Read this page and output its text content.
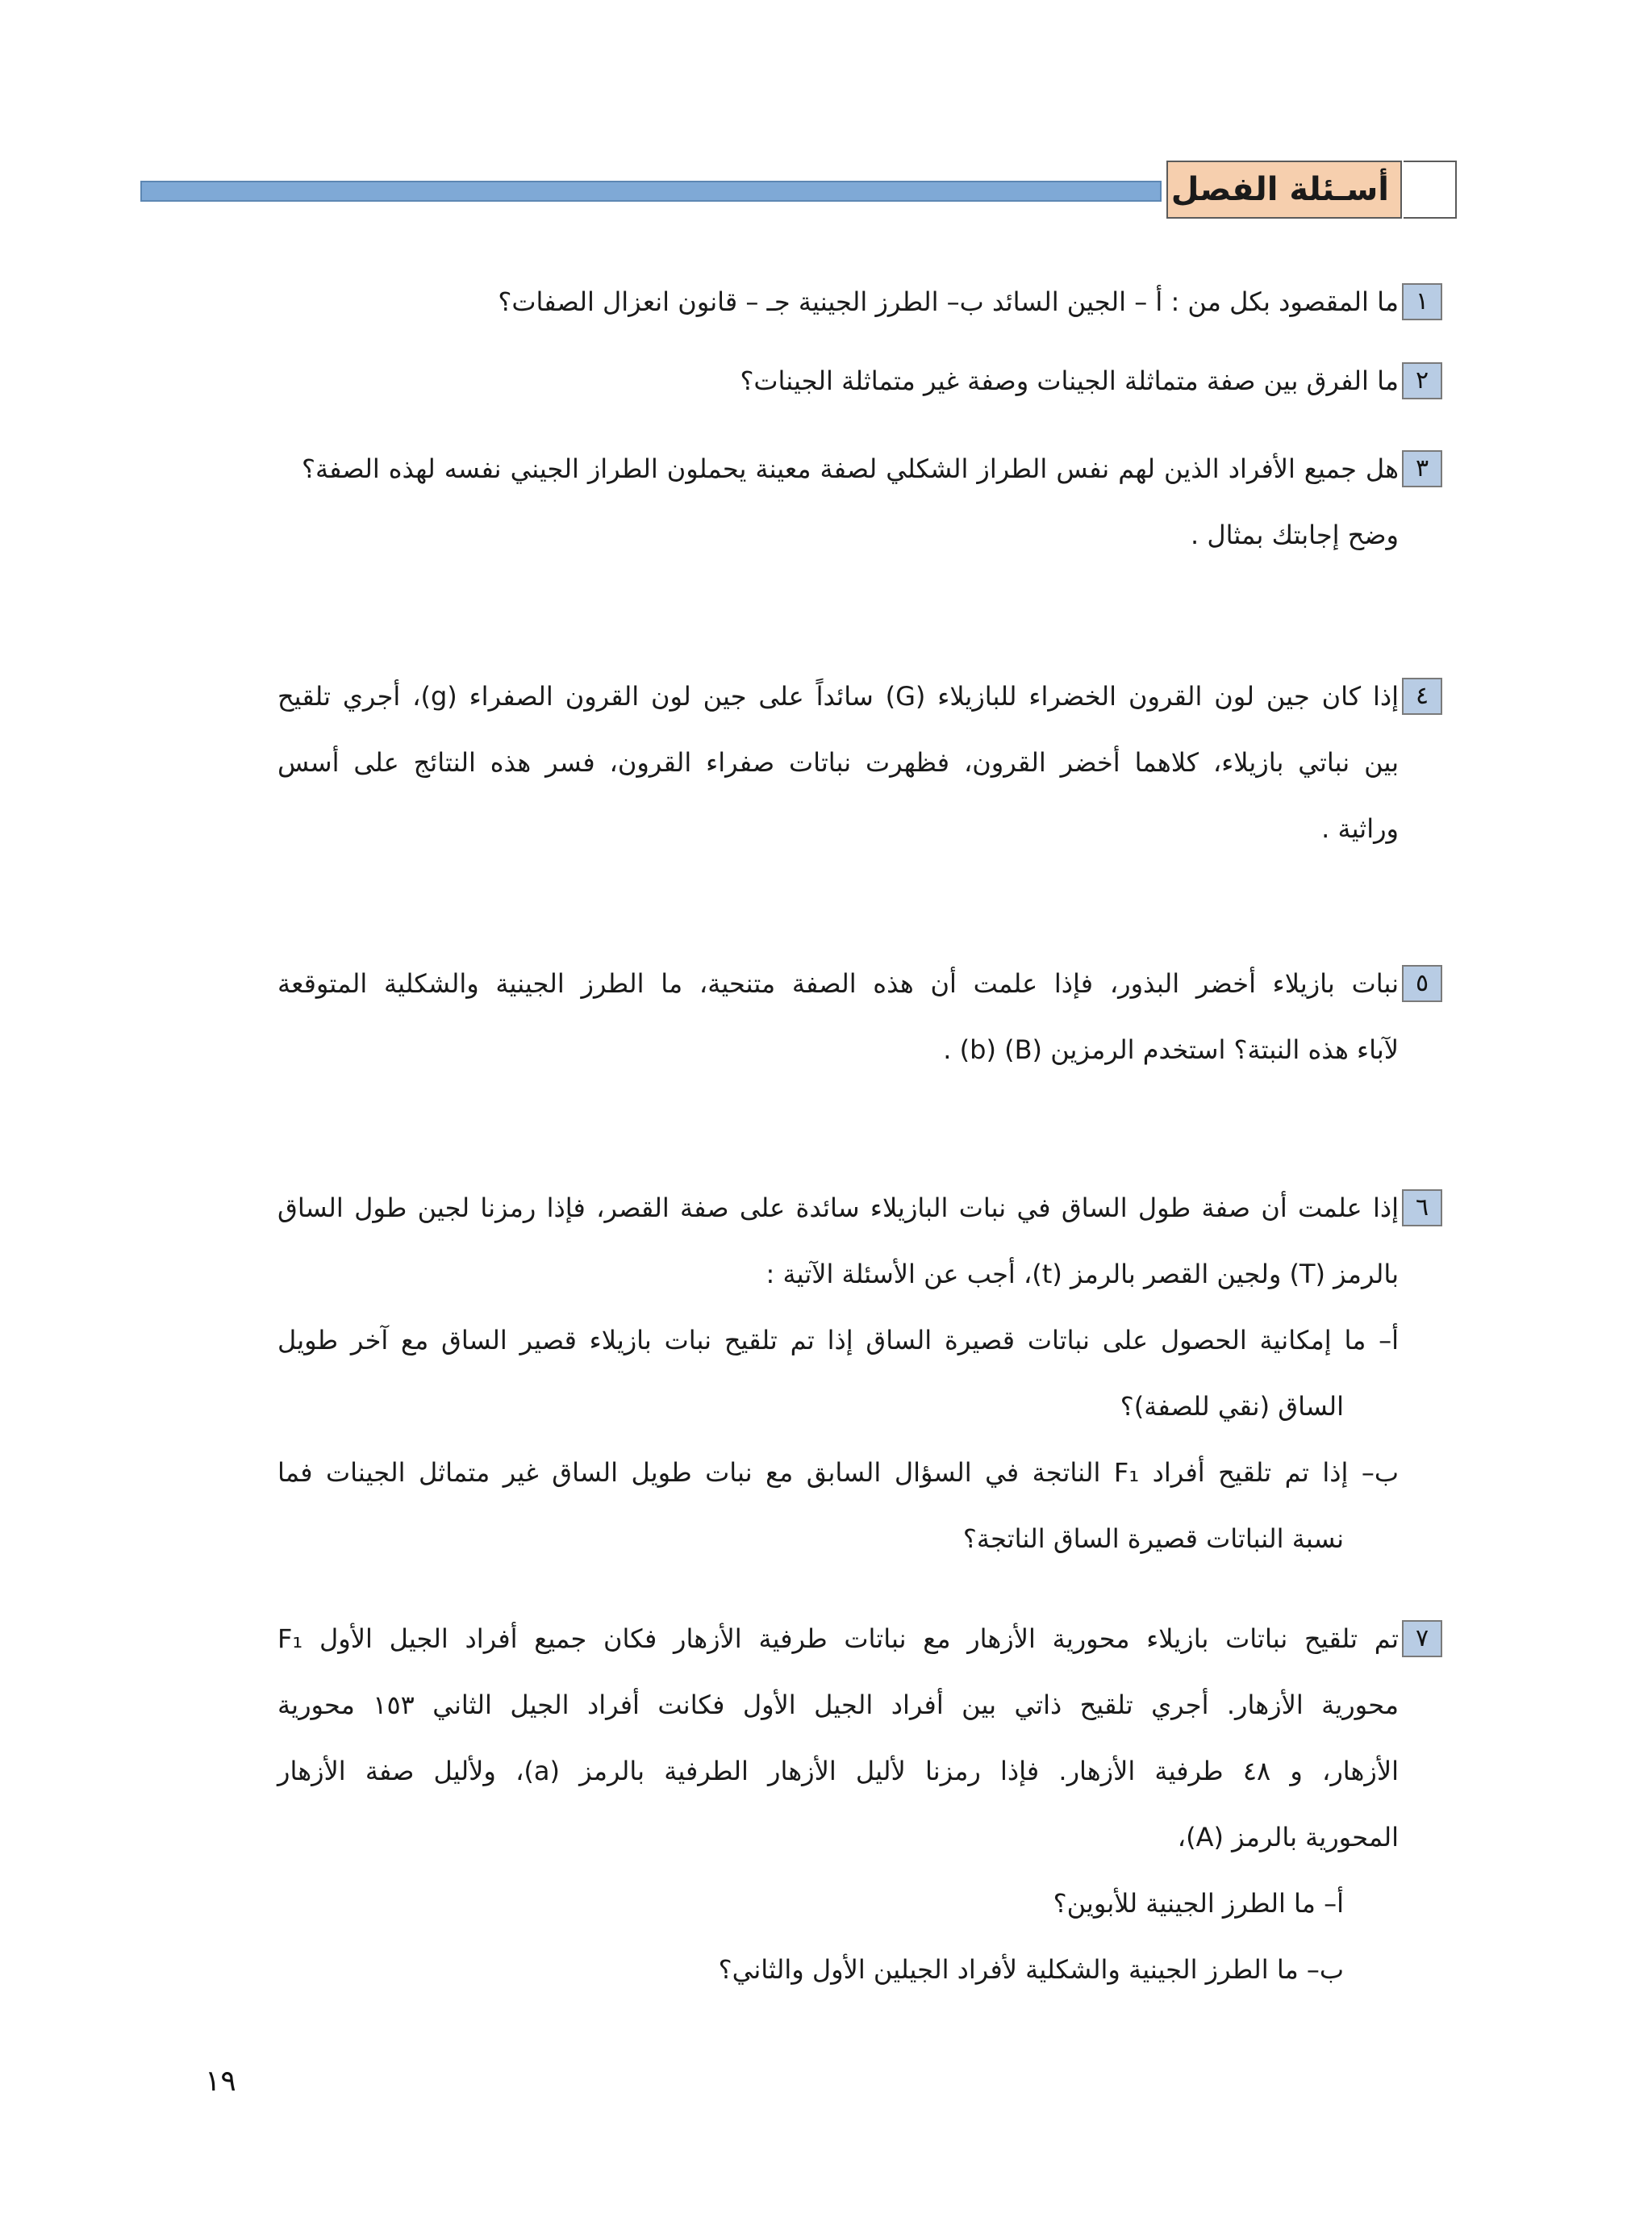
أسـئلة الفصل
١
ما المقصود بكل من : أ – الجين السائد ب– الطرز الجينية جـ – قانون انعزال الصفات؟
٢
ما الفرق بين صفة متماثلة الجينات وصفة غير متماثلة الجينات؟
٣
هل جميع الأفراد الذين لهم نفس الطراز الشكلي لصفة معينة يحملون الطراز الجيني نفسه لهذه الصفة؟
وضح إجابتك بمثال .
٤
إذا كان جين لون القرون الخضراء للبازيلاء (G) سائداً على جين لون القرون الصفراء (g)، أجري تلقيح
بين نباتي بازيلاء، كلاهما أخضر القرون، فظهرت نباتات صفراء القرون، فسر هذه النتائج على أسس
وراثية .
٥
نبات بازيلاء أخضر البذور، فإذا علمت أن هذه الصفة متنحية، ما الطرز الجينية والشكلية المتوقعة
لآباء هذه النبتة؟ استخدم الرمزين (B) (b) .
٦
إذا علمت أن صفة طول الساق في نبات البازيلاء سائدة على صفة القصر، فإذا رمزنا لجين طول الساق
بالرمز (T) ولجين القصر بالرمز (t)، أجب عن الأسئلة الآتية :
أ– ما إمكانية الحصول على نباتات قصيرة الساق إذا تم تلقيح نبات بازيلاء قصير الساق مع آخر طويل
الساق (نقي للصفة)؟
ب– إذا تم تلقيح أفراد F₁ الناتجة في السؤال السابق مع نبات طويل الساق غير متماثل الجينات فما
نسبة النباتات قصيرة الساق الناتجة؟
٧
تم تلقيح نباتات بازيلاء محورية الأزهار مع نباتات طرفية الأزهار فكان جميع أفراد الجيل الأول F₁
محورية الأزهار. أجري تلقيح ذاتي بين أفراد الجيل الأول فكانت أفراد الجيل الثاني ١٥٣ محورية
الأزهار، و ٤٨ طرفية الأزهار. فإذا رمزنا لأليل الأزهار الطرفية بالرمز (a)، ولأليل صفة الأزهار
المحورية بالرمز (A)،
أ– ما الطرز الجينية للأبوين؟
ب– ما الطرز الجينية والشكلية لأفراد الجيلين الأول والثاني؟
١٩
